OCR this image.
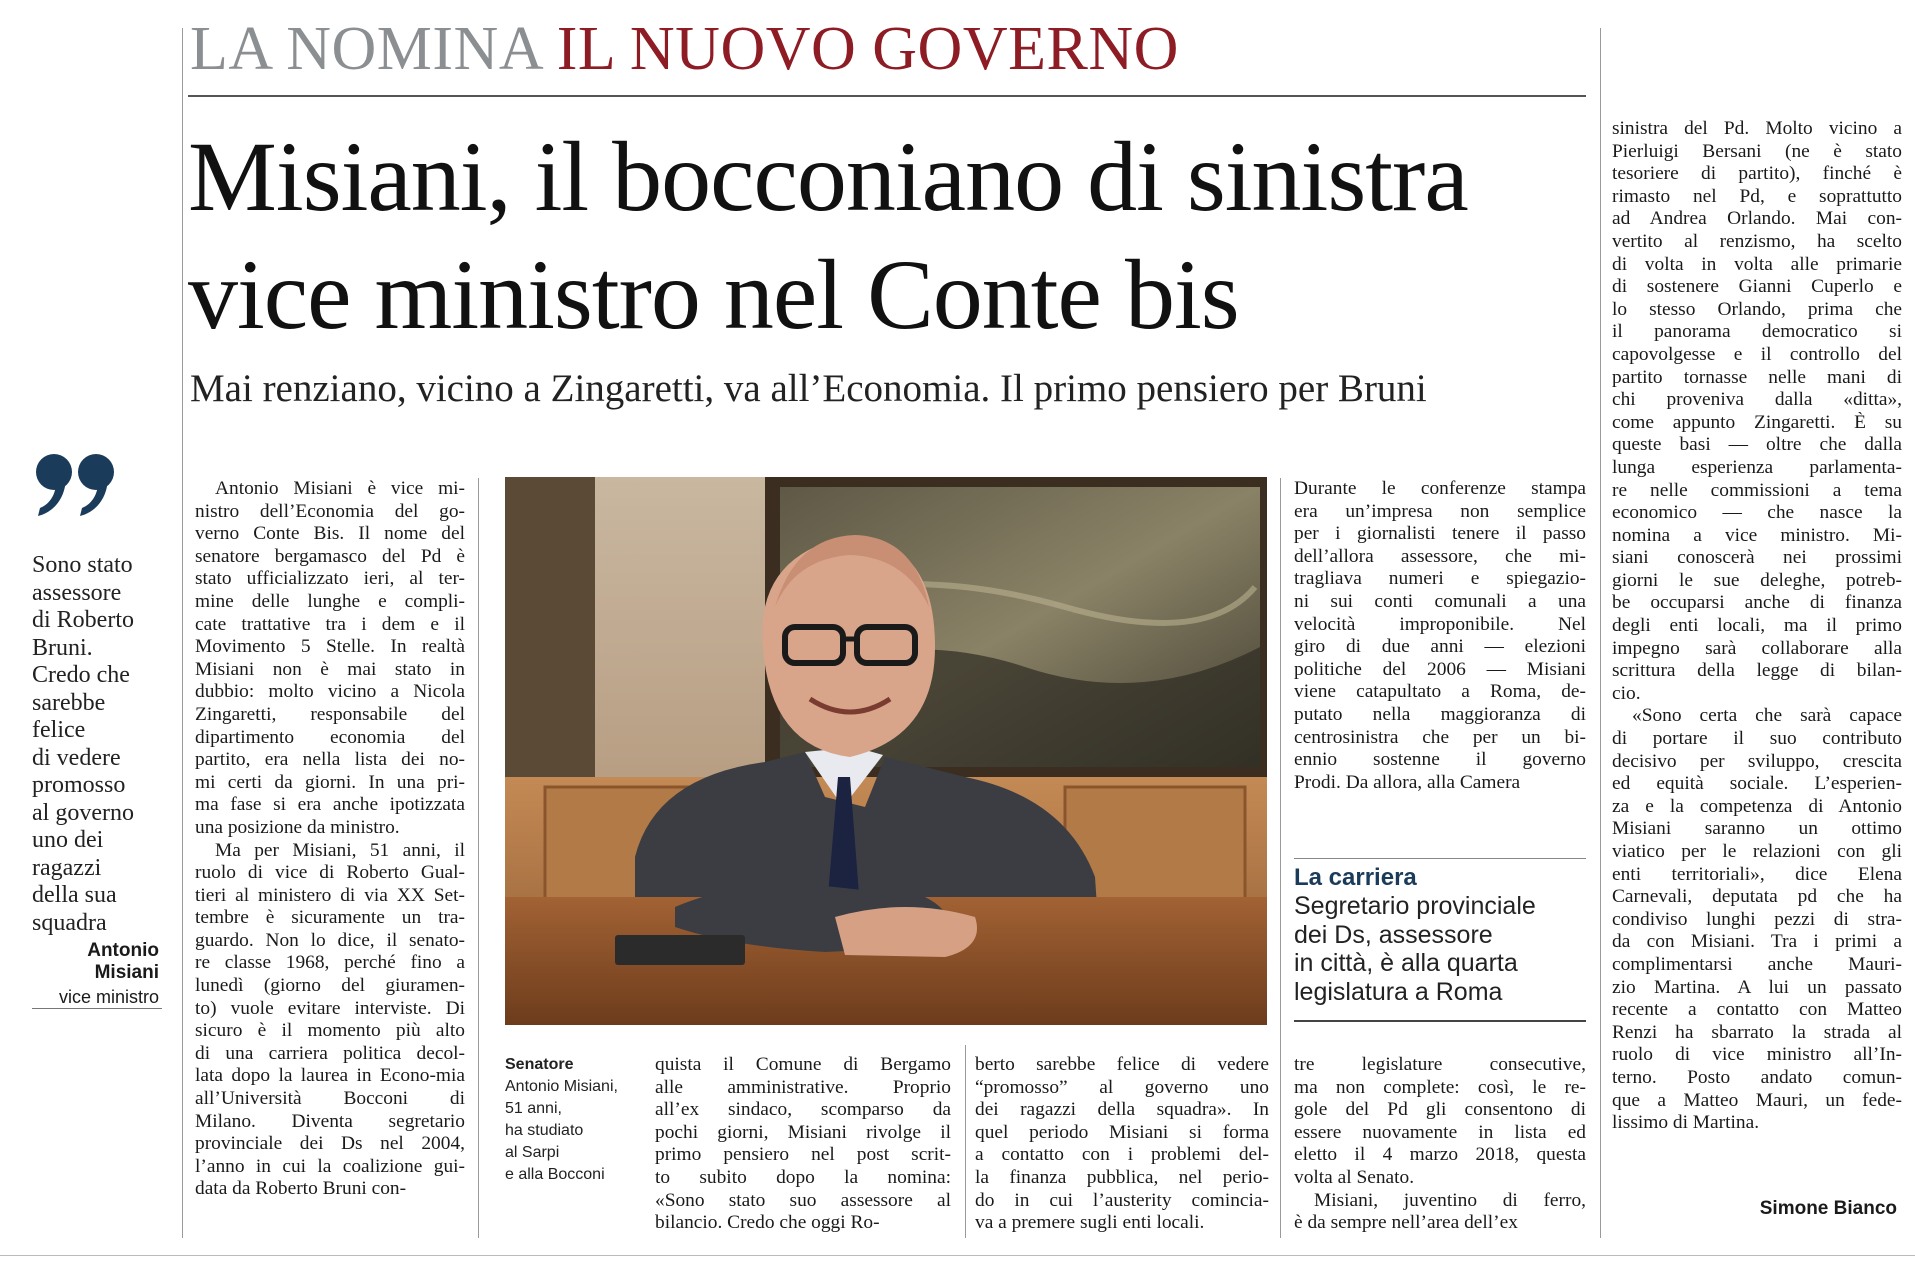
LA NOMINA IL NUOVO GOVERNO
Misiani, il bocconiano di sinistra
vice ministro nel Conte bis
Mai renziano, vicino a Zingaretti, va all’Economia. Il primo pensiero per Bruni
Sono stato
assessore
di Roberto
Bruni.
Credo che
sarebbe
felice
di vedere
promosso
al governo
uno dei
ragazzi
della sua
squadra
Antonio Misiani
vice ministro
Senatore
Antonio Misiani,
51 anni,
ha studiato
al Sarpi
e alla Bocconi
Antonio Misiani è vice mi-
nistro dell’Economia del go-
verno Conte Bis. Il nome del
senatore bergamasco del Pd è
stato ufficializzato ieri, al ter-
mine delle lunghe e compli-
cate trattative tra i dem e il
Movimento 5 Stelle. In realtà
Misiani non è mai stato in
dubbio: molto vicino a Nicola
Zingaretti, responsabile del
dipartimento economia del
partito, era nella lista dei no-
mi certi da giorni. In una pri-
ma fase si era anche ipotizzata
una posizione da ministro.
Ma per Misiani, 51 anni, il
ruolo di vice di Roberto Gual-
tieri al ministero di via XX Set-
tembre è sicuramente un tra-
guardo. Non lo dice, il senato-
re classe 1968, perché fino a
lunedì (giorno del giuramen-
to) vuole evitare interviste. Di
sicuro è il momento più alto
di una carriera politica decol-
lata dopo la laurea in Econo-mia
all’Università Bocconi di
Milano. Diventa segretario
provinciale dei Ds nel 2004,
l’anno in cui la coalizione gui-
data da Roberto Bruni con-
quista il Comune di Bergamo
alle amministrative. Proprio
all’ex sindaco, scomparso da
pochi giorni, Misiani rivolge il
primo pensiero nel post scrit-
to subito dopo la nomina:
«Sono stato suo assessore al
bilancio. Credo che oggi Ro-
berto sarebbe felice di vedere
“promosso” al governo uno
dei ragazzi della squadra». In
quel periodo Misiani si forma
a contatto con i problemi del-
la finanza pubblica, nel perio-
do in cui l’austerity comincia-
va a premere sugli enti locali.
Durante le conferenze stampa
era un’impresa non semplice
per i giornalisti tenere il passo
dell’allora assessore, che mi-
tragliava numeri e spiegazio-
ni sui conti comunali a una
velocità improponibile. Nel
giro di due anni — elezioni
politiche del 2006 — Misiani
viene catapultato a Roma, de-
putato nella maggioranza di
centrosinistra che per un bi-
ennio sostenne il governo
Prodi. Da allora, alla Camera
La carriera
Segretario provinciale
dei Ds, assessore
in città, è alla quarta
legislatura a Roma
tre legislature consecutive,
ma non complete: così, le re-
gole del Pd gli consentono di
essere nuovamente in lista ed
eletto il 4 marzo 2018, questa
volta al Senato.
Misiani, juventino di ferro,
è da sempre nell’area dell’ex
sinistra del Pd. Molto vicino a
Pierluigi Bersani (ne è stato
tesoriere di partito), finché è
rimasto nel Pd, e soprattutto
ad Andrea Orlando. Mai con-
vertito al renzismo, ha scelto
di volta in volta alle primarie
di sostenere Gianni Cuperlo e
lo stesso Orlando, prima che
il panorama democratico si
capovolgesse e il controllo del
partito tornasse nelle mani di
chi proveniva dalla «ditta»,
come appunto Zingaretti. È su
queste basi — oltre che dalla
lunga esperienza parlamenta-
re nelle commissioni a tema
economico — che nasce la
nomina a vice ministro. Mi-
siani conoscerà nei prossimi
giorni le sue deleghe, potreb-
be occuparsi anche di finanza
degli enti locali, ma il primo
impegno sarà collaborare alla
scrittura della legge di bilan-
cio.
«Sono certa che sarà capace
di portare il suo contributo
decisivo per sviluppo, crescita
ed equità sociale. L’esperien-
za e la competenza di Antonio
Misiani saranno un ottimo
viatico per le relazioni con gli
enti territoriali», dice Elena
Carnevali, deputata pd che ha
condiviso lunghi pezzi di stra-
da con Misiani. Tra i primi a
complimentarsi anche Mauri-
zio Martina. A lui un passato
recente a contatto con Matteo
Renzi ha sbarrato la strada al
ruolo di vice ministro all’In-
terno. Posto andato comun-
que a Matteo Mauri, un fede-
lissimo di Martina.
Simone Bianco
